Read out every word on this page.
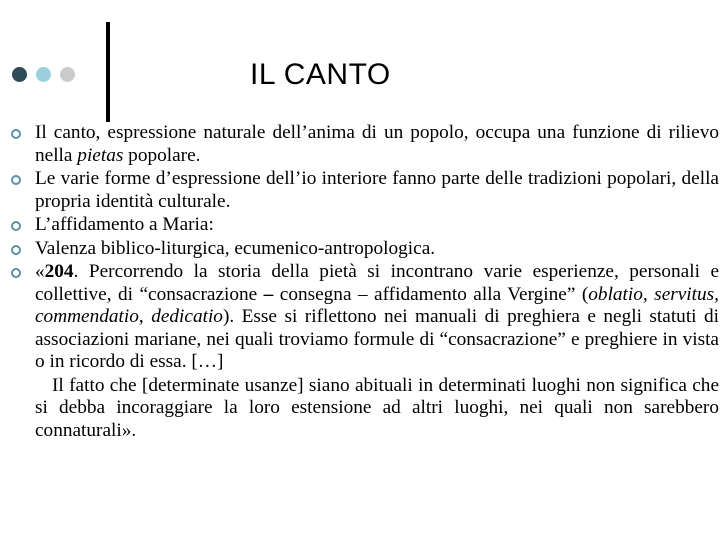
IL CANTO
Il canto, espressione naturale dell’anima di un popolo, occupa una funzione di rilievo nella pietas popolare.
Le varie forme d’espressione dell’io interiore fanno parte delle tradizioni popolari, della propria identità culturale.
L’affidamento a Maria:
Valenza biblico-liturgica, ecumenico-antropologica.
«204. Percorrendo la storia della pietà si incontrano varie esperienze, personali e collettive, di “consacrazione – consegna – affidamento alla Vergine” (oblatio, servitus, commendatio, dedicatio). Esse si riflettono nei manuali di preghiera e negli statuti di associazioni mariane, nei quali troviamo formule di “consacrazione” e preghiere in vista o in ricordo di essa. […]
Il fatto che [determinate usanze] siano abituali in determinati luoghi non significa che si debba incoraggiare la loro estensione ad altri luoghi, nei quali non sarebbero connaturali».
